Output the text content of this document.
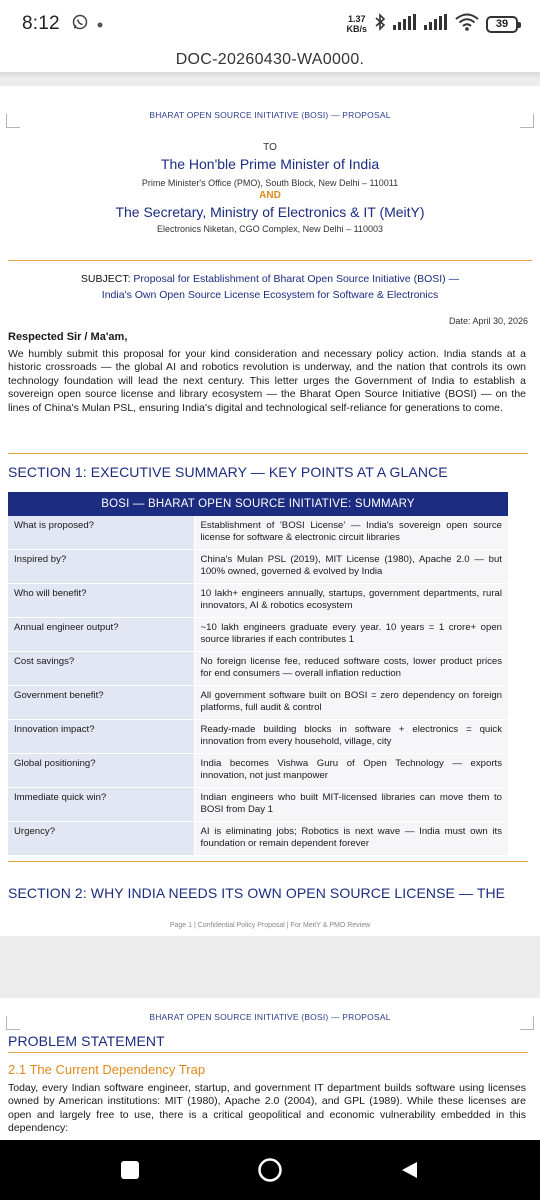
8:12	1.37
KB/s	39
DOC-20260430-WA0000.
BHARAT OPEN SOURCE INITIATIVE (BOSI) — PROPOSAL
TO
The Hon'ble Prime Minister of India
Prime Minister's Office (PMO), South Block, New Delhi – 110011
AND
The Secretary, Ministry of Electronics & IT (MeitY)
Electronics Niketan, CGO Complex, New Delhi – 110003
SUBJECT: Proposal for Establishment of Bharat Open Source Initiative (BOSI) —
India's Own Open Source License Ecosystem for Software & Electronics
Date: April 30, 2026
Respected Sir / Ma'am,
We humbly submit this proposal for your kind consideration and necessary policy action. India stands at a historic crossroads — the global AI and robotics revolution is underway, and the nation that controls its own technology foundation will lead the next century. This letter urges the Government of India to establish a sovereign open source license and library ecosystem — the Bharat Open Source Initiative (BOSI) — on the lines of China's Mulan PSL, ensuring India's digital and technological self-reliance for generations to come.
SECTION 1: EXECUTIVE SUMMARY — KEY POINTS AT A GLANCE
BOSI — BHARAT OPEN SOURCE INITIATIVE: SUMMARY	
What is proposed?	Establishment of 'BOSI License' — India's sovereign open source license for software & electronic circuit libraries
Inspired by?	China's Mulan PSL (2019), MIT License (1980), Apache 2.0 — but 100% owned, governed & evolved by India
Who will benefit?	10 lakh+ engineers annually, startups, government departments, rural innovators, AI & robotics ecosystem
Annual engineer output?	~10 lakh engineers graduate every year. 10 years = 1 crore+ open source libraries if each contributes 1
Cost savings?	No foreign license fee, reduced software costs, lower product prices for end consumers — overall inflation reduction
Government benefit?	All government software built on BOSI = zero dependency on foreign platforms, full audit & control
Innovation impact?	Ready-made building blocks in software + electronics = quick innovation from every household, village, city
Global positioning?	India becomes Vishwa Guru of Open Technology — exports innovation, not just manpower
Immediate quick win?	Indian engineers who built MIT-licensed libraries can move them to BOSI from Day 1
Urgency?	AI is eliminating jobs; Robotics is next wave — India must own its foundation or remain dependent forever
SECTION 2: WHY INDIA NEEDS ITS OWN OPEN SOURCE LICENSE — THE
Page 1 | Confidential Policy Proposal | For MeitY & PMO Review
BHARAT OPEN SOURCE INITIATIVE (BOSI) — PROPOSAL
PROBLEM STATEMENT
2.1 The Current Dependency Trap
Today, every Indian software engineer, startup, and government IT department builds software using licenses owned by American institutions: MIT (1980), Apache 2.0 (2004), and GPL (1989). While these licenses are open and largely free to use, there is a critical geopolitical and economic vulnerability embedded in this dependency:
